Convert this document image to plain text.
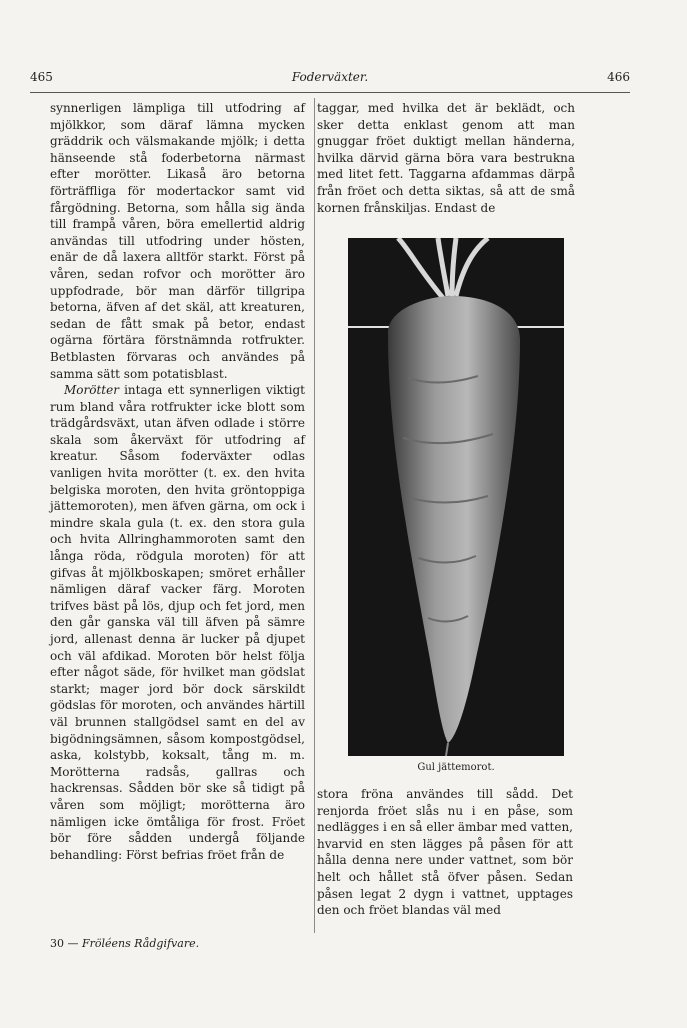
465	Foderväxter.	466

synnerligen lämpliga till utfodring af mjölkkor, som däraf lämna mycken gräddrik och välsmakande mjölk; i detta hänseende stå foderbetorna närmast efter morötter. Likaså äro betorna förträffliga för modertackor samt vid fårgödning. Betorna, som hålla sig ända till frampå våren, böra emellertid aldrig användas till utfodring under hösten, enär de då laxera alltför starkt. Först på våren, sedan rofvor och morötter äro uppfodrade, bör man därför tillgripa betorna, äfven af det skäl, att kreaturen, sedan de fått smak på betor, endast ogärna förtära förstnämnda rotfrukter. Betblasten förvaras och användes på samma sätt som potatisblast.

Morötter intaga ett synnerligen viktigt rum bland våra rotfrukter icke blott som trädgårdsväxt, utan äfven odlade i större skala som åkerväxt för utfodring af kreatur. Såsom foderväxter odlas vanligen hvita morötter (t. ex. den hvita belgiska moroten, den hvita gröntoppiga jättemoroten), men äfven gärna, om ock i mindre skala gula (t. ex. den stora gula och hvita Allringhammoroten samt den långa röda, rödgula moroten) för att gifvas åt mjölkboskapen; smöret erhåller nämligen däraf vacker färg. Moroten trifves bäst på lös, djup och fet jord, men den går ganska väl till äfven på sämre jord, allenast denna är lucker på djupet och väl afdikad. Moroten bör helst följa efter något säde, för hvilket man gödslat starkt; mager jord bör dock särskildt gödslas för moroten, och användes härtill väl brunnen stallgödsel samt en del av bigödningsämnen, såsom kompostgödsel, aska, kolstybb, koksalt, tång m. m. Morötterna radsås, gallras och hackrensas. Sådden bör ske så tidigt på våren som möjligt; morötterna äro nämligen icke ömtåliga för frost. Fröet bör före sådden undergå följande behandling: Först befrias fröet från de

taggar, med hvilka det är beklädt, och sker detta enklast genom att man gnuggar fröet duktigt mellan händerna, hvilka därvid gärna böra vara bestrukna med litet fett. Taggarna afdammas därpå från fröet och detta siktas, så att de små kornen frånskiljas. Endast de

Gul jättemorot.

stora fröna användes till sådd. Det renjorda fröet slås nu i en påse, som nedlägges i en så eller ämbar med vatten, hvarvid en sten lägges på påsen för att hålla denna nere under vattnet, som bör helt och hållet stå öfver påsen. Sedan påsen legat 2 dygn i vattnet, upptages den och fröet blandas väl med

30 — Fröléens Rådgifvare.
